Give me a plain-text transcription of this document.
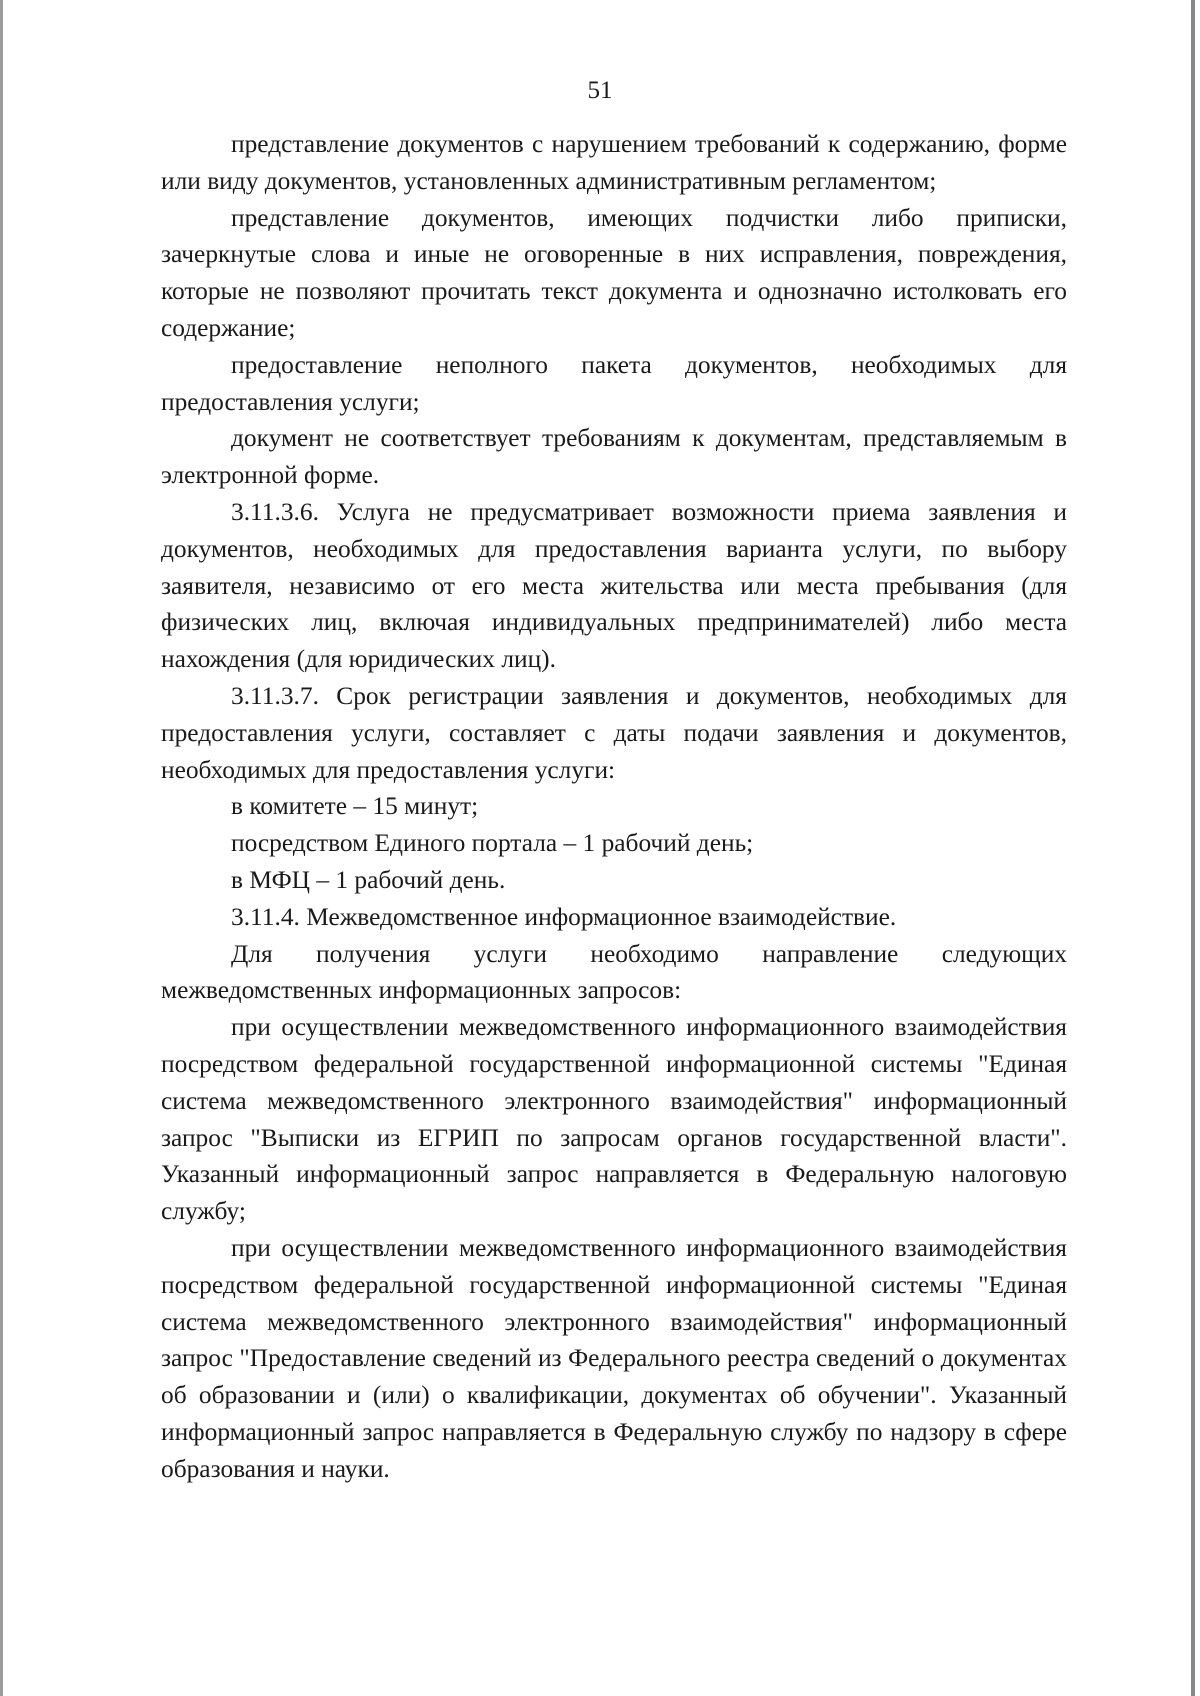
51

представление документов с нарушением требований к содержанию, форме или виду документов, установленных административным регламентом;

представление документов, имеющих подчистки либо приписки, зачеркнутые слова и иные не оговоренные в них исправления, повреждения, которые не позволяют прочитать текст документа и однозначно истолковать его содержание;

предоставление неполного пакета документов, необходимых для предоставления услуги;

документ не соответствует требованиям к документам, представляемым в электронной форме.

3.11.3.6. Услуга не предусматривает возможности приема заявления и документов, необходимых для предоставления варианта услуги, по выбору заявителя, независимо от его места жительства или места пребывания (для физических лиц, включая индивидуальных предпринимателей) либо места нахождения (для юридических лиц).

3.11.3.7. Срок регистрации заявления и документов, необходимых для предоставления услуги, составляет с даты подачи заявления и документов, необходимых для предоставления услуги:

в комитете – 15 минут;

посредством Единого портала – 1 рабочий день;

в МФЦ – 1 рабочий день.

3.11.4. Межведомственное информационное взаимодействие.

Для получения услуги необходимо направление следующих межведомственных информационных запросов:

при осуществлении межведомственного информационного взаимодействия посредством федеральной государственной информационной системы "Единая система межведомственного электронного взаимодействия" информационный запрос "Выписки из ЕГРИП по запросам органов государственной власти". Указанный информационный запрос направляется в Федеральную налоговую службу;

при осуществлении межведомственного информационного взаимодействия посредством федеральной государственной информационной системы "Единая система межведомственного электронного взаимодействия" информационный запрос "Предоставление сведений из Федерального реестра сведений о документах об образовании и (или) о квалификации, документах об обучении". Указанный информационный запрос направляется в Федеральную службу по надзору в сфере образования и науки.
